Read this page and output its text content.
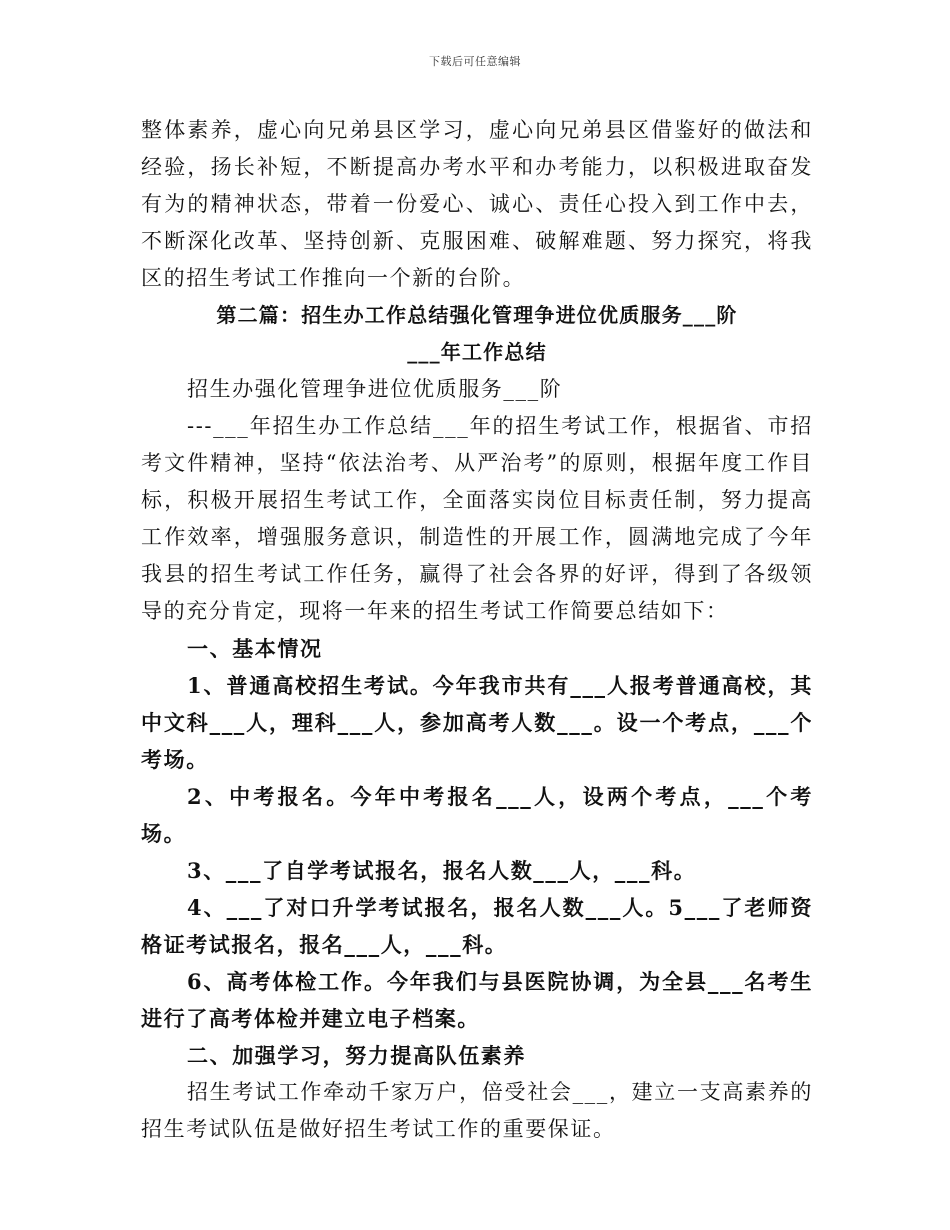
下载后可任意编辑

整体素养，虚心向兄弟县区学习，虚心向兄弟县区借鉴好的做法和经验，扬长补短，不断提高办考水平和办考能力，以积极进取奋发有为的精神状态，带着一份爱心、诚心、责任心投入到工作中去，不断深化改革、坚持创新、克服困难、破解难题、努力探究，将我区的招生考试工作推向一个新的台阶。

第二篇：招生办工作总结强化管理争进位优质服务___阶

___年工作总结

招生办强化管理争进位优质服务___阶

---___年招生办工作总结___年的招生考试工作，根据省、市招考文件精神，坚持“依法治考、从严治考”的原则，根据年度工作目标，积极开展招生考试工作，全面落实岗位目标责任制，努力提高工作效率，增强服务意识，制造性的开展工作，圆满地完成了今年我县的招生考试工作任务，赢得了社会各界的好评，得到了各级领导的充分肯定，现将一年来的招生考试工作简要总结如下：

一、基本情况

1、普通高校招生考试。今年我市共有___人报考普通高校，其中文科___人，理科___人，参加高考人数___。设一个考点，___个考场。

2、中考报名。今年中考报名___人，设两个考点，___个考场。

3、___了自学考试报名，报名人数___人，___科。

4、___了对口升学考试报名，报名人数___人。5___了老师资格证考试报名，报名___人，___科。

6、高考体检工作。今年我们与县医院协调，为全县___名考生进行了高考体检并建立电子档案。

二、加强学习，努力提高队伍素养

招生考试工作牵动千家万户，倍受社会___，建立一支高素养的招生考试队伍是做好招生考试工作的重要保证。
